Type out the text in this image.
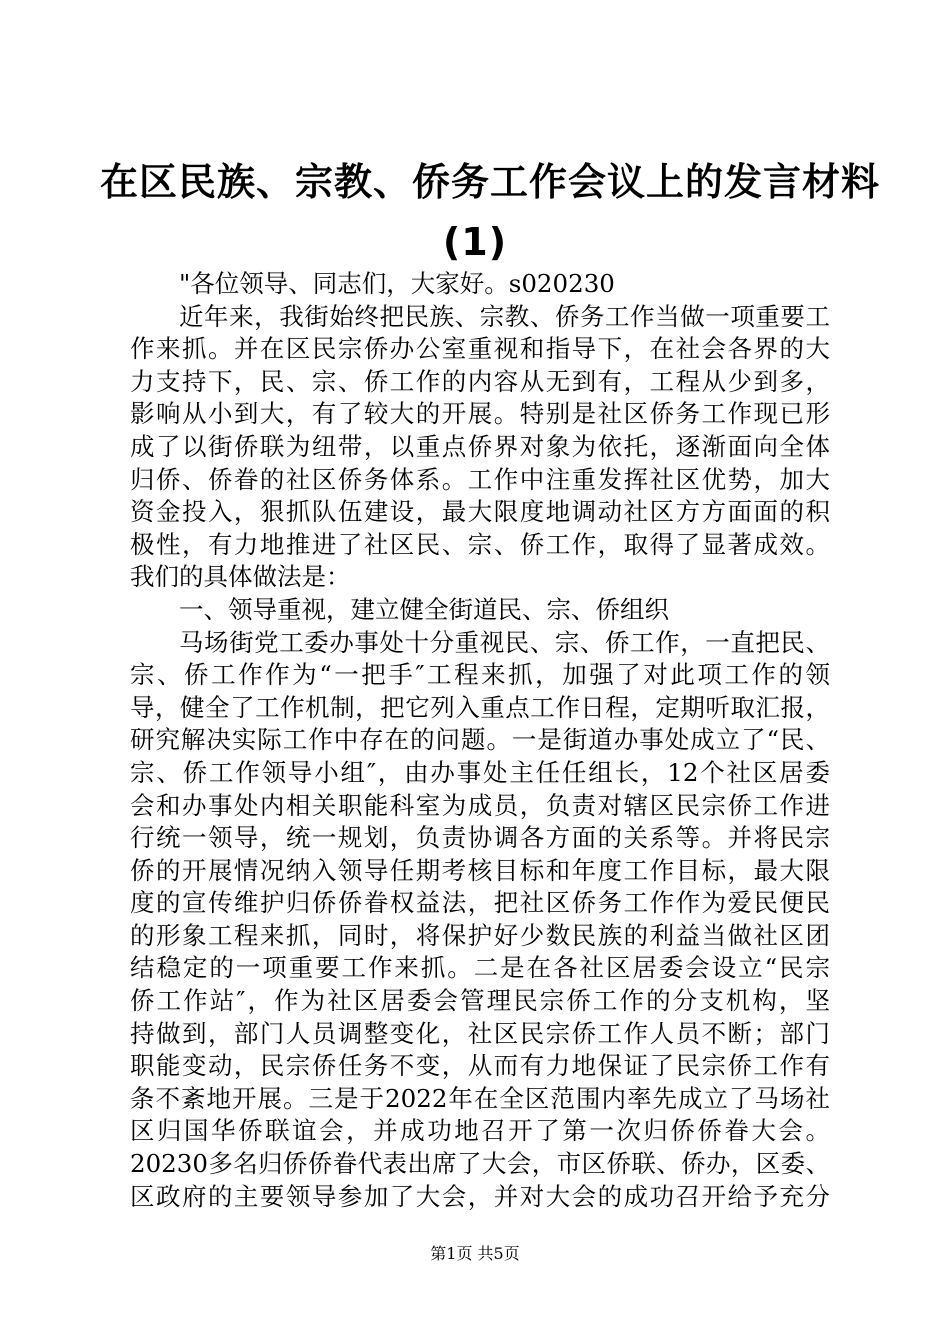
在区民族、宗教、侨务工作会议上的发言材料
(1)
"各位领导、同志们，大家好。s020230
近年来，我街始终把民族、宗教、侨务工作当做一项重要工
作来抓。并在区民宗侨办公室重视和指导下，在社会各界的大
力支持下，民、宗、侨工作的内容从无到有，工程从少到多，
影响从小到大，有了较大的开展。特别是社区侨务工作现已形
成了以街侨联为纽带，以重点侨界对象为依托，逐渐面向全体
归侨、侨眷的社区侨务体系。工作中注重发挥社区优势，加大
资金投入，狠抓队伍建设，最大限度地调动社区方方面面的积
极性，有力地推进了社区民、宗、侨工作，取得了显著成效。
我们的具体做法是：
一、领导重视，建立健全街道民、宗、侨组织
马场街党工委办事处十分重视民、宗、侨工作，一直把民、
宗、侨工作作为“一把手″工程来抓，加强了对此项工作的领
导，健全了工作机制，把它列入重点工作日程，定期听取汇报，
研究解决实际工作中存在的问题。一是街道办事处成立了“民、
宗、侨工作领导小组″，由办事处主任任组长，12个社区居委
会和办事处内相关职能科室为成员，负责对辖区民宗侨工作进
行统一领导，统一规划，负责协调各方面的关系等。并将民宗
侨的开展情况纳入领导任期考核目标和年度工作目标，最大限
度的宣传维护归侨侨眷权益法，把社区侨务工作作为爱民便民
的形象工程来抓，同时，将保护好少数民族的利益当做社区团
结稳定的一项重要工作来抓。二是在各社区居委会设立“民宗
侨工作站″，作为社区居委会管理民宗侨工作的分支机构，坚
持做到，部门人员调整变化，社区民宗侨工作人员不断；部门
职能变动，民宗侨任务不变，从而有力地保证了民宗侨工作有
条不紊地开展。三是于2022年在全区范围内率先成立了马场社
区归国华侨联谊会，并成功地召开了第一次归侨侨眷大会。
20230多名归侨侨眷代表出席了大会，市区侨联、侨办，区委、
区政府的主要领导参加了大会，并对大会的成功召开给予充分
第1页 共5页
